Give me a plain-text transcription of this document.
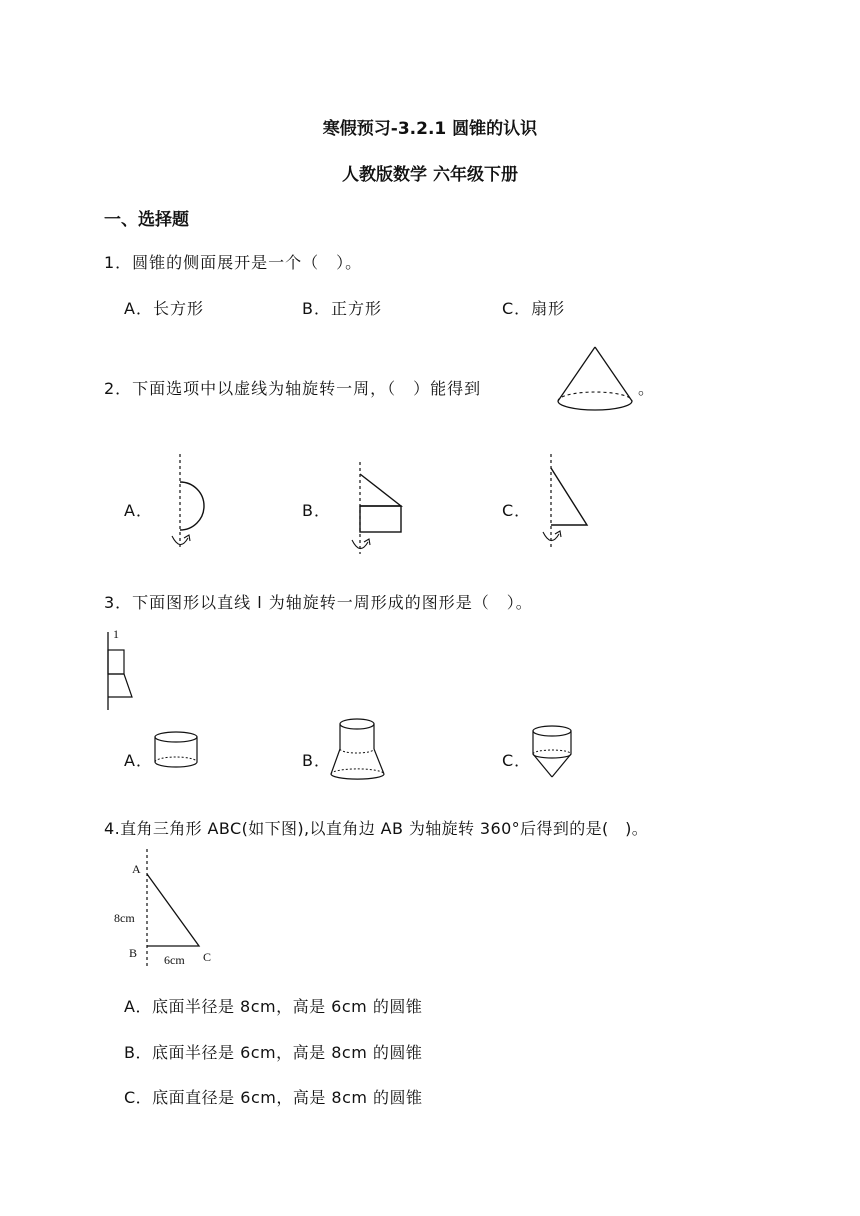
寒假预习-3.2.1 圆锥的认识
人教版数学 六年级下册
一、选择题
1．圆锥的侧面展开是一个（　）。
A．长方形	B．正方形	C．扇形
2．下面选项中以虚线为轴旋转一周，（　）能得到	。
A．	B．	C．
3．下面图形以直线 l 为轴旋转一周形成的图形是（　）。
1
A．	B．	C．
4.直角三角形 ABC(如下图),以直角边 AB 为轴旋转 360°后得到的是(　)。
A
B	C
8cm
6cm
A．底面半径是 8cm，高是 6cm 的圆锥
B．底面半径是 6cm，高是 8cm 的圆锥
C．底面直径是 6cm，高是 8cm 的圆锥
